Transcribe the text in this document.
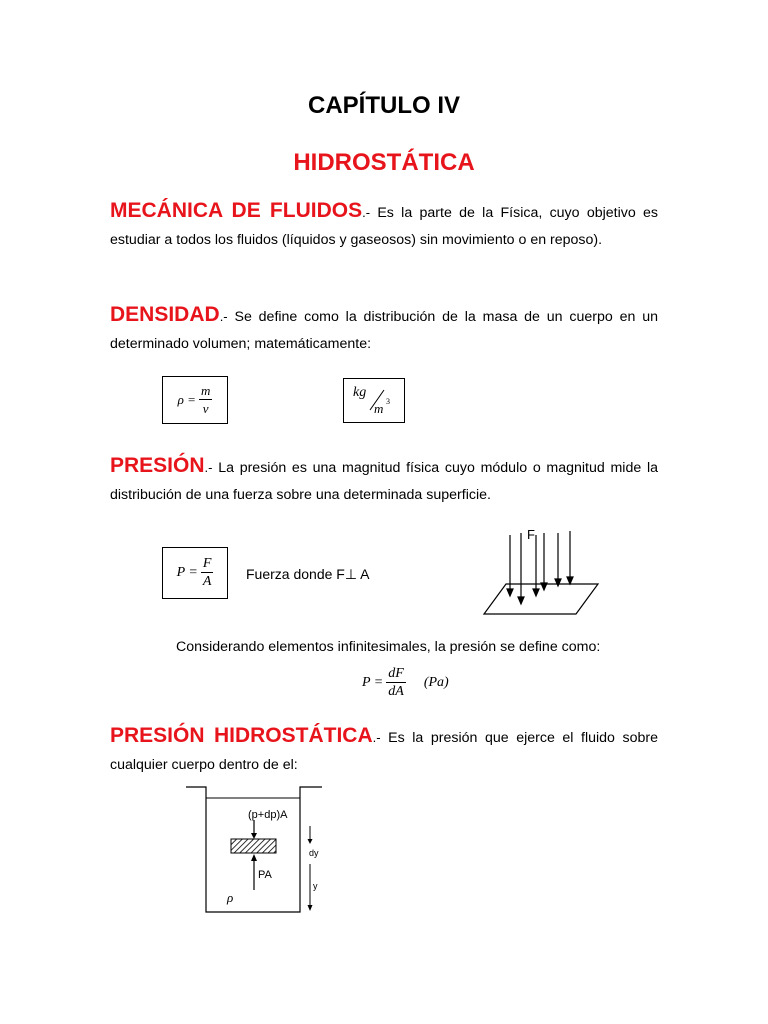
CAPÍTULO IV
HIDROSTÁTICA
MECÁNICA DE FLUIDOS.- Es la parte de la Física, cuyo objetivo es estudiar a todos los fluidos (líquidos y gaseosos) sin movimiento o en reposo).
DENSIDAD.- Se define como la distribución de la masa de un cuerpo en un determinado volumen; matemáticamente:
$\rho = \frac{m}{v}$	kg
m 3
PRESIÓN.- La presión es una magnitud física cuyo módulo o magnitud mide la distribución de una fuerza sobre una determinada superficie.
$P = \frac{F}{A}$ Fuerza donde F⊥ A
F
Considerando elementos infinitesimales, la presión se define como:
$P = \frac{dF}{dA} (Pa)$
PRESIÓN HIDROSTÁTICA.- Es la presión que ejerce el fluido sobre cualquier cuerpo dentro de el:
(p+dp)A
PA
dy
y
ρ
